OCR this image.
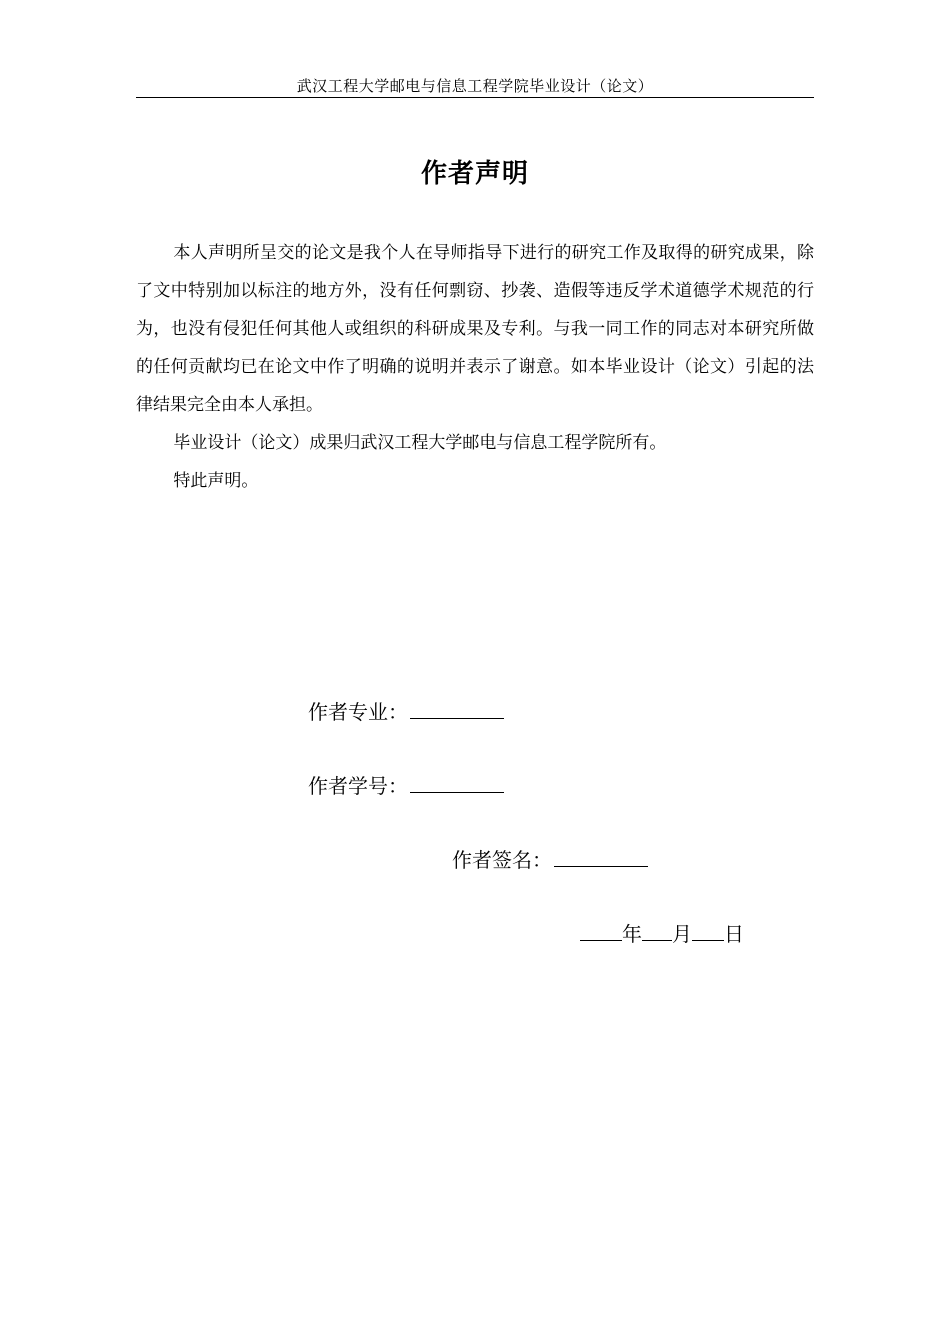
武汉工程大学邮电与信息工程学院毕业设计（论文）
作者声明

本人声明所呈交的论文是我个人在导师指导下进行的研究工作及取得的研究成果，除了文中特别加以标注的地方外，没有任何剽窃、抄袭、造假等违反学术道德学术规范的行为，也没有侵犯任何其他人或组织的科研成果及专利。与我一同工作的同志对本研究所做的任何贡献均已在论文中作了明确的说明并表示了谢意。如本毕业设计（论文）引起的法律结果完全由本人承担。

毕业设计（论文）成果归武汉工程大学邮电与信息工程学院所有。

特此声明。

作者专业：
作者学号：
作者签名：
年 月 日
